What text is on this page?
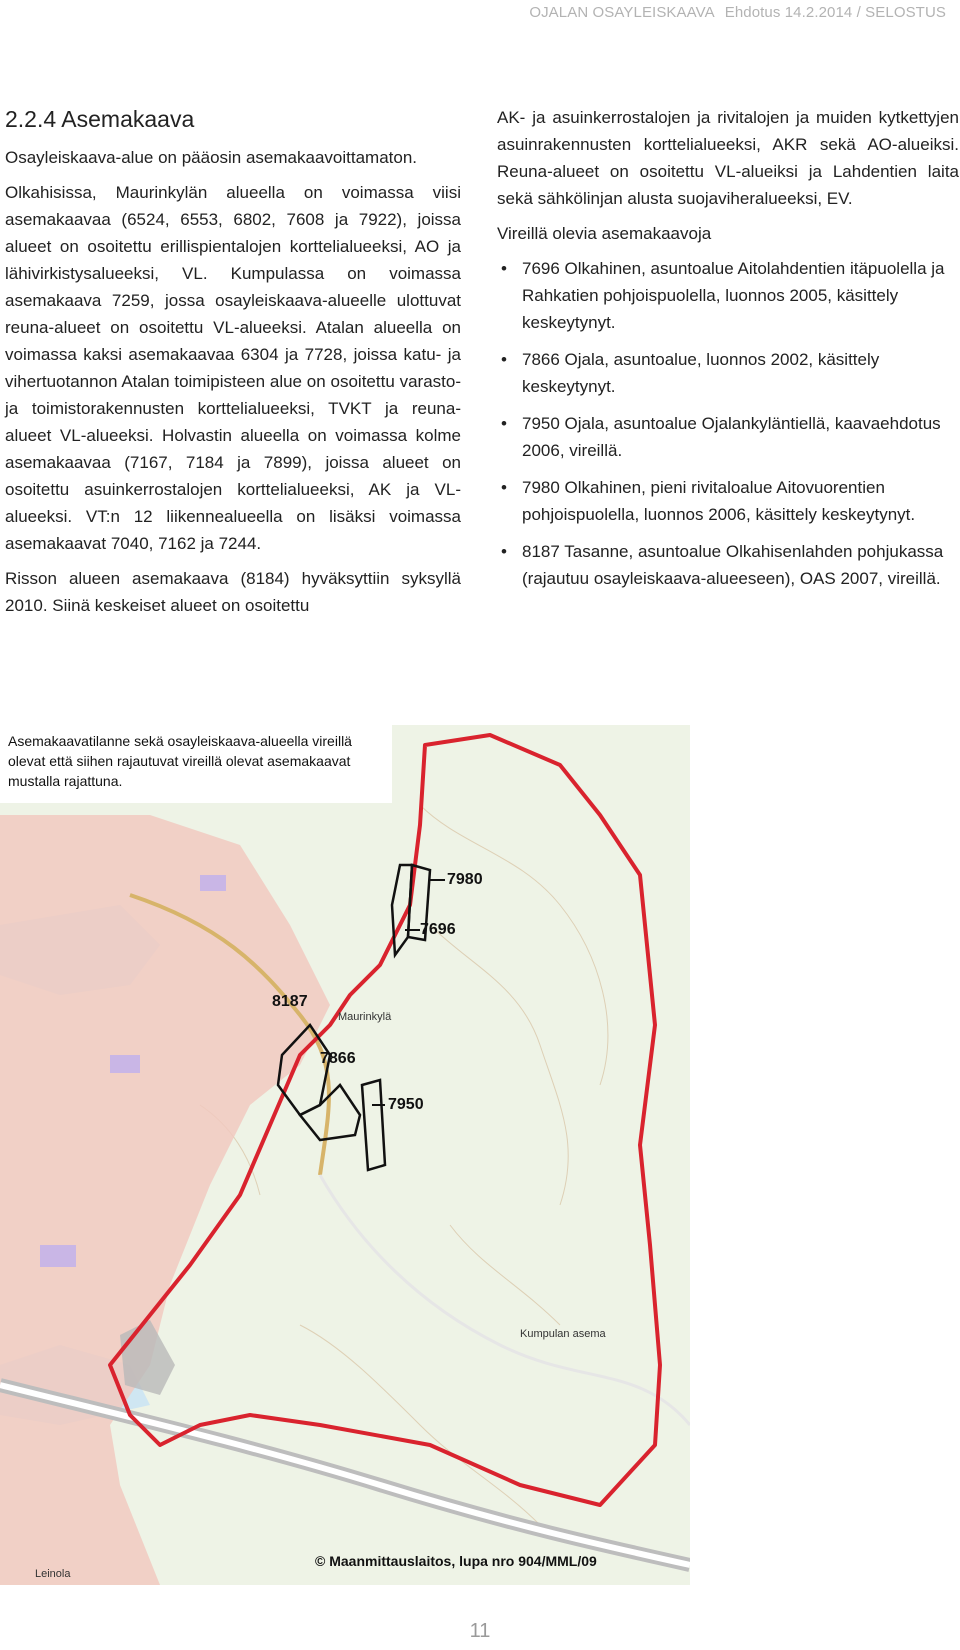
OJALAN OSAYLEISKAAVA Ehdotus 14.2.2014 / SELOSTUS
2.2.4 Asemakaava

Osayleiskaava-alue on pääosin asemakaavoittamaton.

Olkahisissa, Maurinkylän alueella on voimassa viisi asemakaavaa (6524, 6553, 6802, 7608 ja 7922), joissa alueet on osoitettu erillispientalojen korttelialueeksi, AO ja lähivirkistysalueeksi, VL. Kumpulassa on voimassa asemakaava 7259, jossa osayleiskaava-alueelle ulottuvat reuna-alueet on osoitettu VL-alueeksi. Atalan alueella on voimassa kaksi asemakaavaa 6304 ja 7728, joissa katu- ja vihertuotannon Atalan toimipisteen alue on osoitettu varasto- ja toimistorakennusten korttelialueeksi, TVKT ja reuna-alueet VL-alueeksi. Holvastin alueella on voimassa kolme asemakaavaa (7167, 7184 ja 7899), joissa alueet on osoitettu asuinkerrostalojen korttelialueeksi, AK ja VL-alueeksi. VT:n 12 liikennealueella on lisäksi voimassa asemakaavat 7040, 7162 ja 7244.

Risson alueen asemakaava (8184) hyväksyttiin syksyllä 2010. Siinä keskeiset alueet on osoitettu

AK- ja asuinkerrostalojen ja rivitalojen ja muiden kytkettyjen asuinrakennusten korttelialueeksi, AKR sekä AO-alueiksi. Reuna-alueet on osoitettu VL-alueiksi ja Lahdentien laita sekä sähkölinjan alusta suojaviheralueeksi, EV.

Vireillä olevia asemakaavoja

• 7696 Olkahinen, asuntoalue Aitolahdentien itäpuolella ja Rahkatien pohjoispuolella, luonnos 2005, käsittely keskeytynyt.
• 7866 Ojala, asuntoalue, luonnos 2002, käsittely keskeytynyt.
• 7950 Ojala, asuntoalue Ojalankyläntiellä, kaavaehdotus 2006, vireillä.
• 7980 Olkahinen, pieni rivitaloalue Aitovuorentien pohjoispuolella, luonnos 2006, käsittely keskeytynyt.
• 8187 Tasanne, asuntoalue Olkahisenlahden pohjukassa (rajautuu osayleiskaava-alueeseen), OAS 2007, vireillä.
Maurinkylä
Leinola
Kumpulan asema
Asemakaavatilanne sekä osayleiskaava-alueella vireillä olevat että siihen rajautuvat vireillä olevat asemakaavat mustalla rajattuna.
7980
7696
8187
7866
7950
© Maanmittauslaitos, lupa nro 904/MML/09
11
